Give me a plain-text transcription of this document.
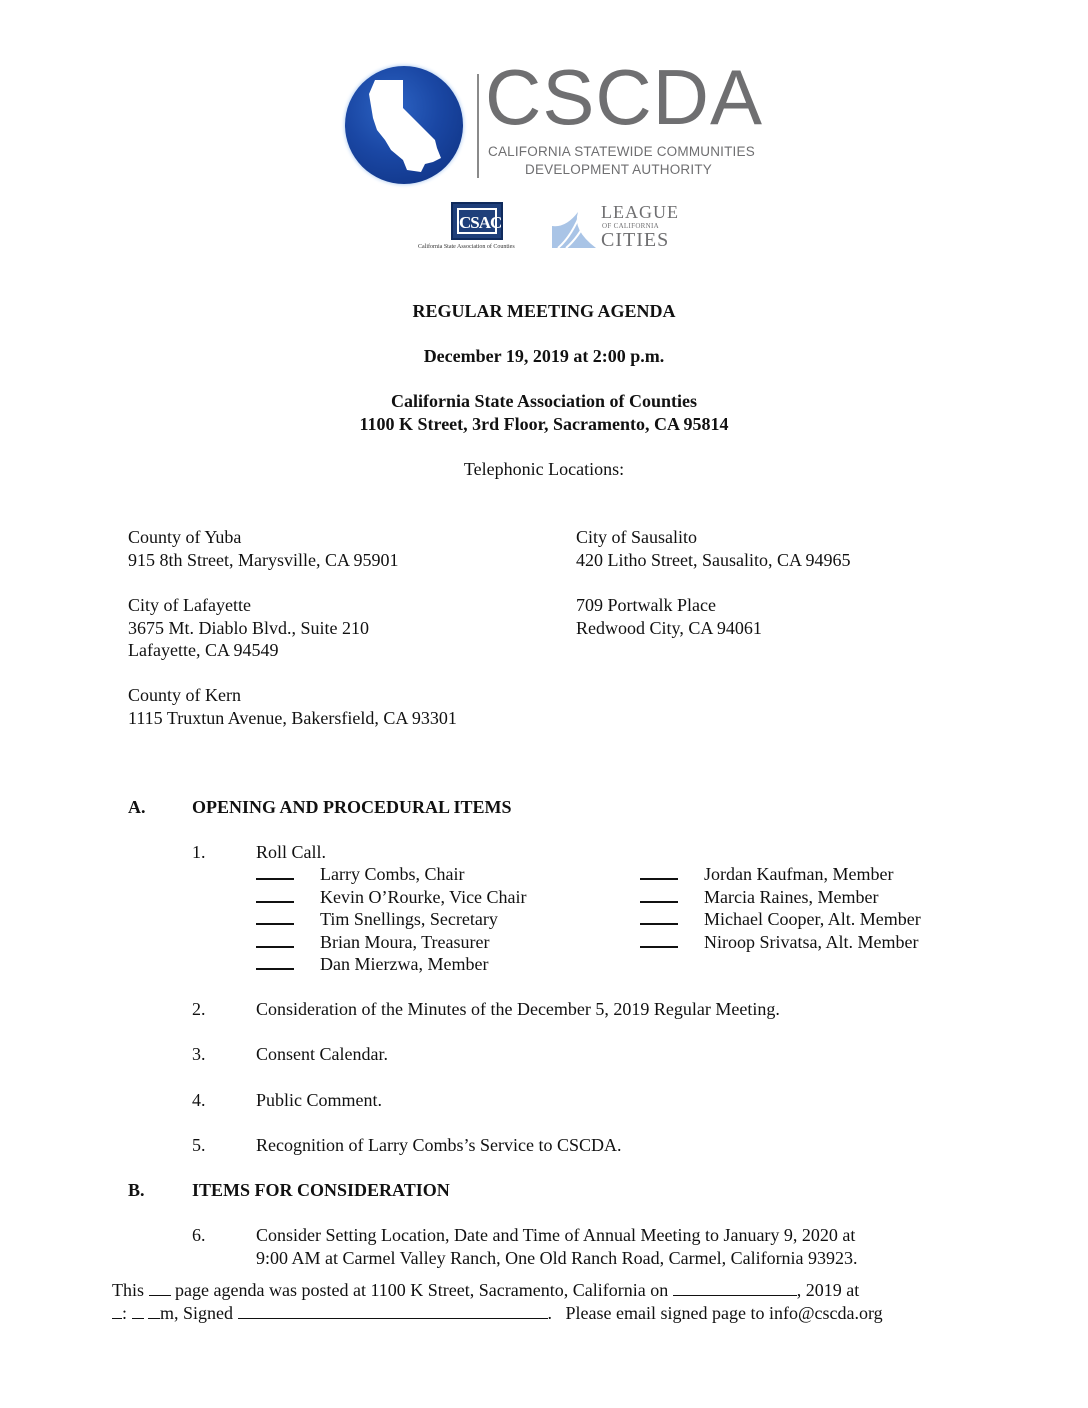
CSCDA
CALIFORNIA STATEWIDE COMMUNITIES
DEVELOPMENT AUTHORITY
CSAC
California State Association of Counties
LEAGUE
OF CALIFORNIA
CITIES
REGULAR MEETING AGENDA
December 19, 2019 at 2:00 p.m.
California State Association of Counties
1100 K Street, 3rd Floor, Sacramento, CA 95814
Telephonic Locations:
County of Yuba
915 8th Street, Marysville, CA 95901
City of Lafayette
3675 Mt. Diablo Blvd., Suite 210
Lafayette, CA 94549
County of Kern
1115 Truxtun Avenue, Bakersfield, CA 93301
City of Sausalito
420 Litho Street, Sausalito, CA 94965
709 Portwalk Place
Redwood City, CA 94061
A.	OPENING AND PROCEDURAL ITEMS
1.	Roll Call.
Larry Combs, Chair
Kevin O’Rourke, Vice Chair
Tim Snellings, Secretary
Brian Moura, Treasurer
Dan Mierzwa, Member
Jordan Kaufman, Member
Marcia Raines, Member
Michael Cooper, Alt. Member
Niroop Srivatsa, Alt. Member
2.	Consideration of the Minutes of the December 5, 2019 Regular Meeting.
3.	Consent Calendar.
4.	Public Comment.
5.	Recognition of Larry Combs’s Service to CSCDA.
B.	ITEMS FOR CONSIDERATION
6.	Consider Setting Location, Date and Time of Annual Meeting to January 9, 2020 at
9:00 AM at Carmel Valley Ranch, One Old Ranch Road, Carmel, California 93923.
This  page agenda was posted at 1100 K Street, Sacramento, California on	, 2019 at
:  m, Signed	.   Please email signed page to info@cscda.org
